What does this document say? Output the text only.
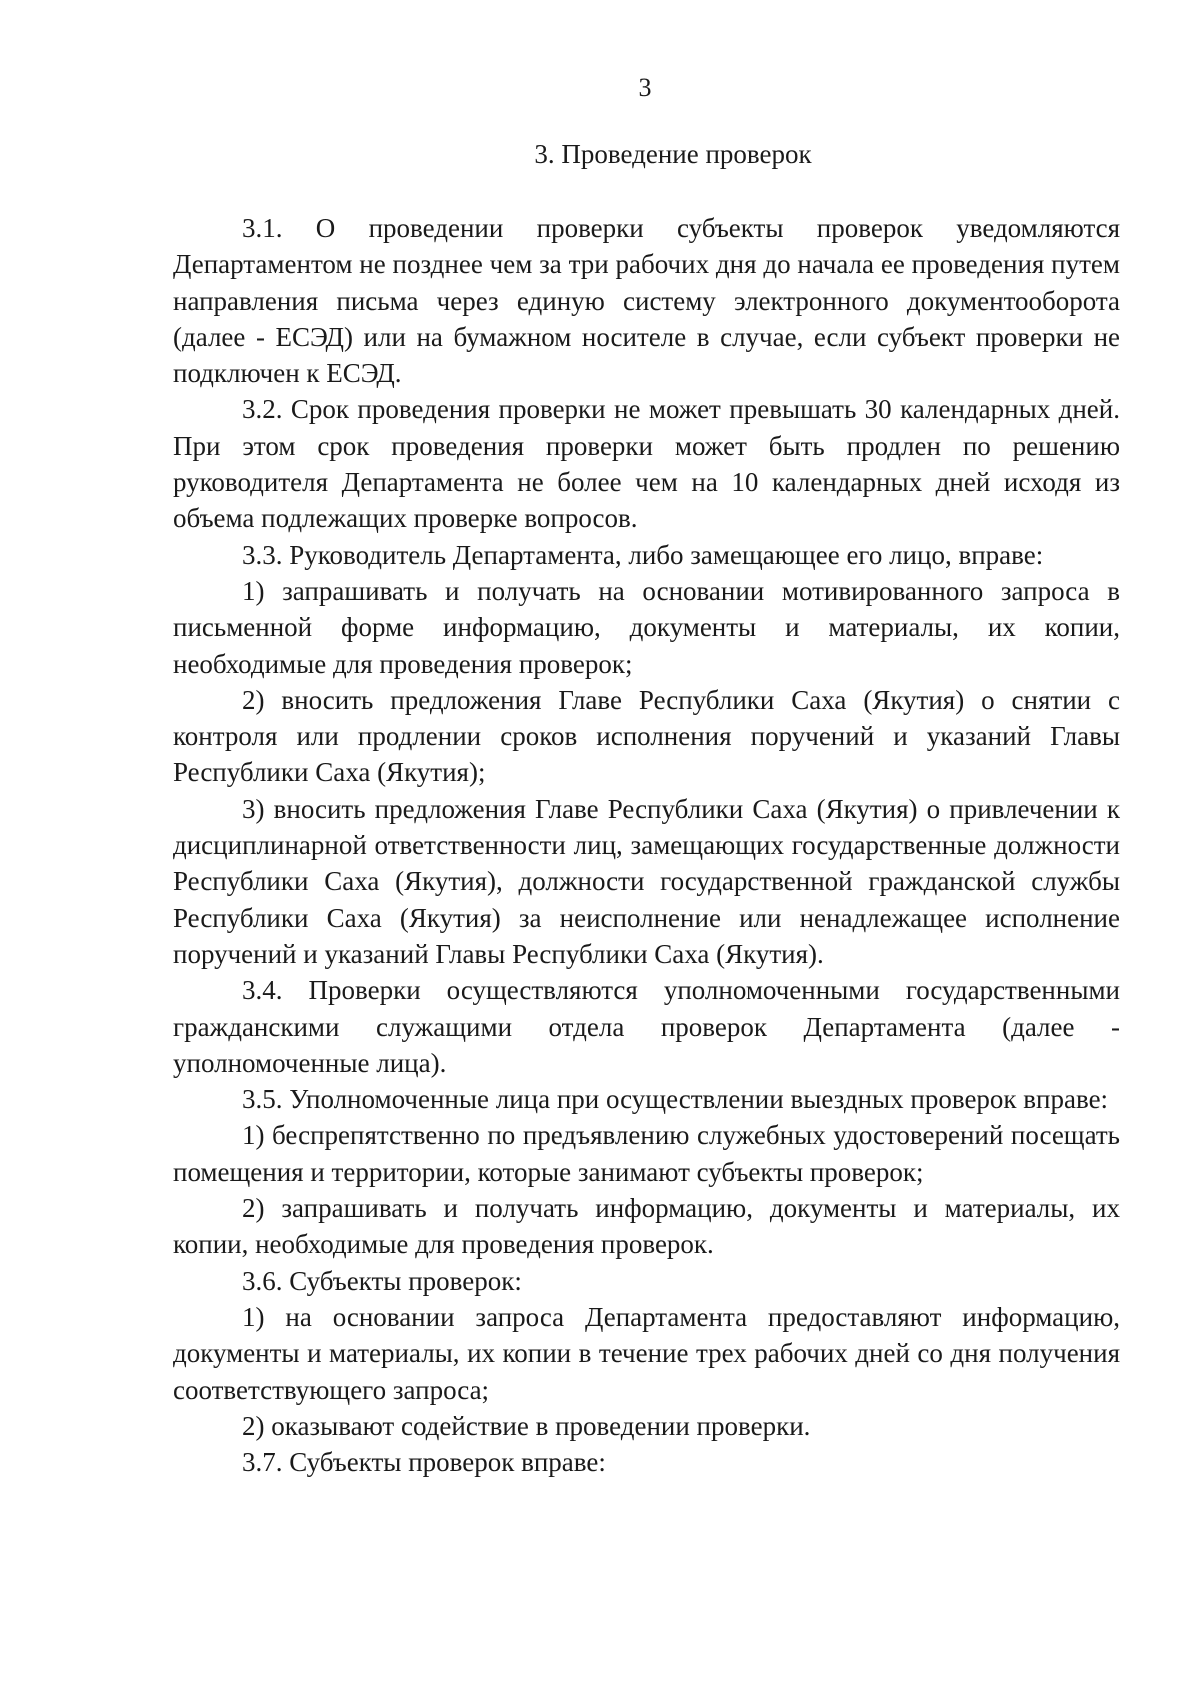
3
3. Проведение проверок

3.1. О проведении проверки субъекты проверок уведомляются Департаментом не позднее чем за три рабочих дня до начала ее проведения путем направления письма через единую систему электронного документооборота (далее - ЕСЭД) или на бумажном носителе в случае, если субъект проверки не подключен к ЕСЭД.

3.2. Срок проведения проверки не может превышать 30 календарных дней. При этом срок проведения проверки может быть продлен по решению руководителя Департамента не более чем на 10 календарных дней исходя из объема подлежащих проверке вопросов.

3.3. Руководитель Департамента, либо замещающее его лицо, вправе:

1) запрашивать и получать на основании мотивированного запроса в письменной форме информацию, документы и материалы, их копии, необходимые для проведения проверок;

2) вносить предложения Главе Республики Саха (Якутия) о снятии с контроля или продлении сроков исполнения поручений и указаний Главы Республики Саха (Якутия);

3) вносить предложения Главе Республики Саха (Якутия) о привлечении к дисциплинарной ответственности лиц, замещающих государственные должности Республики Саха (Якутия), должности государственной гражданской службы Республики Саха (Якутия) за неисполнение или ненадлежащее исполнение поручений и указаний Главы Республики Саха (Якутия).

3.4. Проверки осуществляются уполномоченными государственными гражданскими служащими отдела проверок Департамента (далее - уполномоченные лица).

3.5. Уполномоченные лица при осуществлении выездных проверок вправе:

1) беспрепятственно по предъявлению служебных удостоверений посещать помещения и территории, которые занимают субъекты проверок;

2) запрашивать и получать информацию, документы и материалы, их копии, необходимые для проведения проверок.

3.6. Субъекты проверок:

1) на основании запроса Департамента предоставляют информацию, документы и материалы, их копии в течение трех рабочих дней со дня получения соответствующего запроса;

2) оказывают содействие в проведении проверки.

3.7. Субъекты проверок вправе:
